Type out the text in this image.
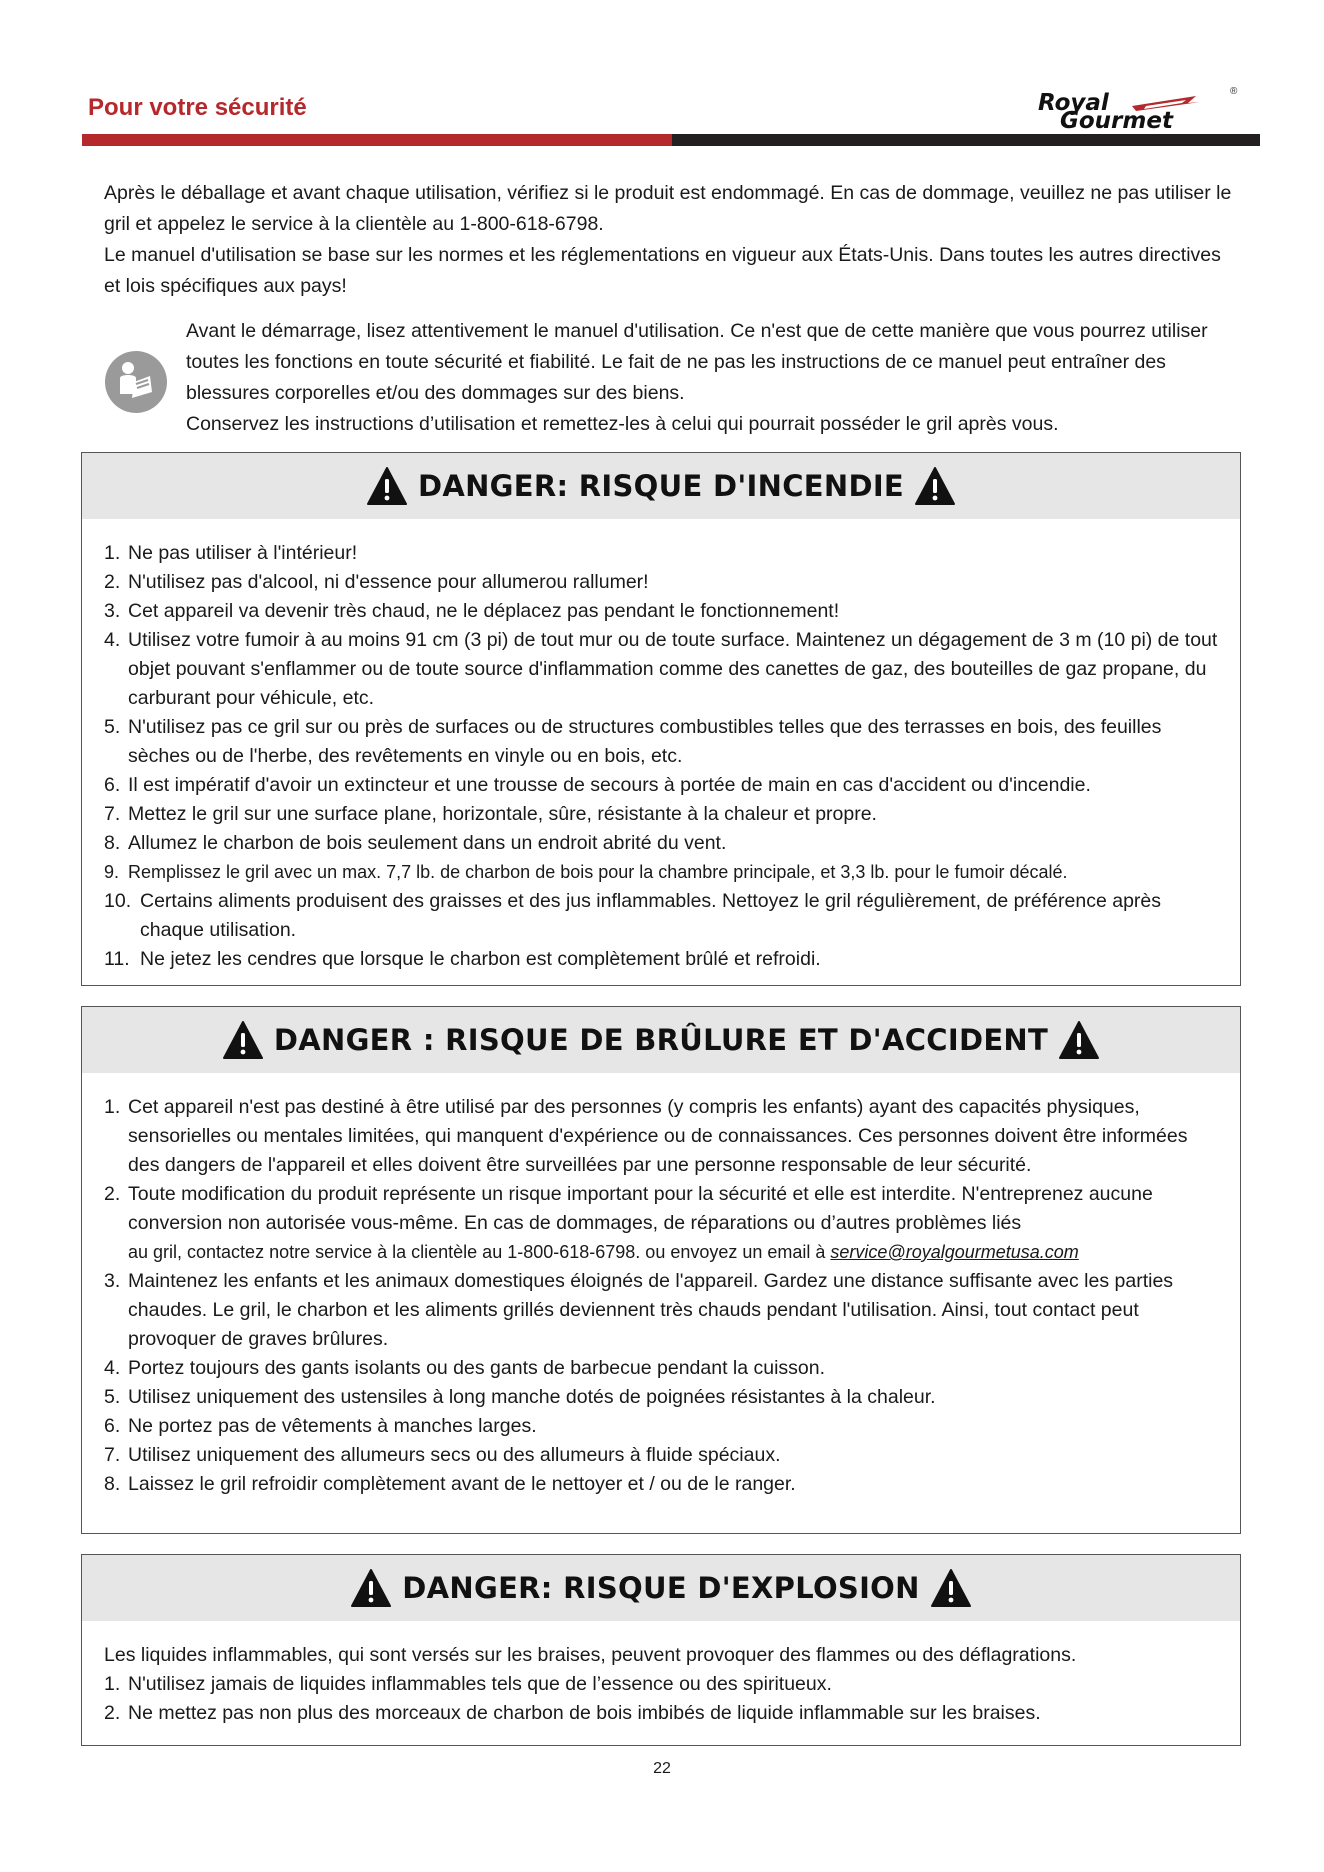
Pour votre sécurité	Royal
Gourmet
®

Après le déballage et avant chaque utilisation, vérifiez si le produit est endommagé. En cas de dommage, veuillez ne pas utiliser le gril et appelez le service à la clientèle au 1-800-618-6798.

Le manuel d'utilisation se base sur les normes et les réglementations en vigueur aux États-Unis. Dans toutes les autres directives et lois spécifiques aux pays!

Avant le démarrage, lisez attentivement le manuel d'utilisation. Ce n'est que de cette manière que vous pourrez utiliser toutes les fonctions en toute sécurité et fiabilité. Le fait de ne pas les instructions de ce manuel peut entraîner des blessures corporelles et/ou des dommages sur des biens.

Conservez les instructions d’utilisation et remettez-les à celui qui pourrait posséder le gril après vous.

DANGER: RISQUE D'INCENDIE
1. Ne pas utiliser à l'intérieur!
2. N'utilisez pas d'alcool, ni d'essence pour allumerou rallumer!
3. Cet appareil va devenir très chaud, ne le déplacez pas pendant le fonctionnement!
4. Utilisez votre fumoir à au moins 91 cm (3 pi) de tout mur ou de toute surface. Maintenez un dégagement de 3 m (10 pi) de tout objet pouvant s'enflammer ou de toute source d'inflammation comme des canettes de gaz, des bouteilles de gaz propane, du carburant pour véhicule, etc.
5. N'utilisez pas ce gril sur ou près de surfaces ou de structures combustibles telles que des terrasses en bois, des feuilles sèches ou de l'herbe, des revêtements en vinyle ou en bois, etc.
6. Il est impératif d'avoir un extincteur et une trousse de secours à portée de main en cas d'accident ou d'incendie.
7. Mettez le gril sur une surface plane, horizontale, sûre, résistante à la chaleur et propre.
8. Allumez le charbon de bois seulement dans un endroit abrité du vent.
9. Remplissez le gril avec un max. 7,7 lb. de charbon de bois pour la chambre principale, et 3,3 lb. pour le fumoir décalé.
10. Certains aliments produisent des graisses et des jus inflammables. Nettoyez le gril régulièrement, de préférence après chaque utilisation.
11. Ne jetez les cendres que lorsque le charbon est complètement brûlé et refroidi.
DANGER : RISQUE DE BRÛLURE ET D'ACCIDENT
1. Cet appareil n'est pas destiné à être utilisé par des personnes (y compris les enfants) ayant des capacités physiques, sensorielles ou mentales limitées, qui manquent d'expérience ou de connaissances. Ces personnes doivent être informées des dangers de l'appareil et elles doivent être surveillées par une personne responsable de leur sécurité.
2. Toute modification du produit représente un risque important pour la sécurité et elle est interdite. N'entreprenez aucune conversion non autorisée vous-même. En cas de dommages, de réparations ou d’autres problèmes liés
au gril, contactez notre service à la clientèle au 1-800-618-6798. ou envoyez un email à service@royalgourmetusa.com
3. Maintenez les enfants et les animaux domestiques éloignés de l'appareil. Gardez une distance suffisante avec les parties chaudes. Le gril, le charbon et les aliments grillés deviennent très chauds pendant l'utilisation. Ainsi, tout contact peut provoquer de graves brûlures.
4. Portez toujours des gants isolants ou des gants de barbecue pendant la cuisson.
5. Utilisez uniquement des ustensiles à long manche dotés de poignées résistantes à la chaleur.
6. Ne portez pas de vêtements à manches larges.
7. Utilisez uniquement des allumeurs secs ou des allumeurs à fluide spéciaux.
8. Laissez le gril refroidir complètement avant de le nettoyer et / ou de le ranger.
DANGER: RISQUE D'EXPLOSION

Les liquides inflammables, qui sont versés sur les braises, peuvent provoquer des flammes ou des déflagrations.

1. N'utilisez jamais de liquides inflammables tels que de l’essence ou des spiritueux.
2. Ne mettez pas non plus des morceaux de charbon de bois imbibés de liquide inflammable sur les braises.
22
